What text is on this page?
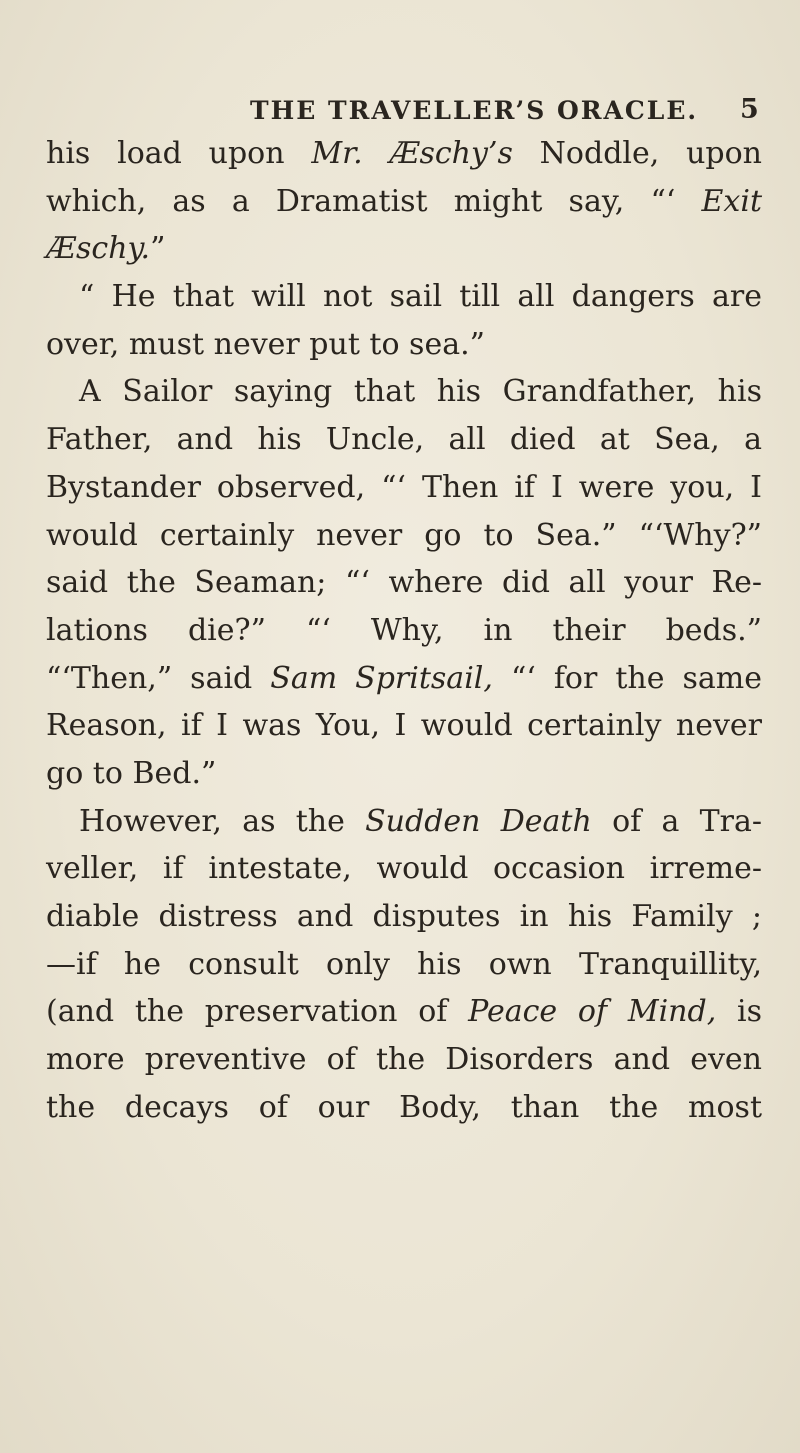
THE TRAVELLER’S ORACLE. 5
his load upon Mr. Æschy’s Noddle, upon
which, as a Dramatist might say, “‘ Exit
Æschy.”
“ He that will not sail till all dangers are
over, must never put to sea.”
A Sailor saying that his Grandfather, his
Father, and his Uncle, all died at Sea, a
Bystander observed, “‘ Then if I were you, I
would certainly never go to Sea.” “‘Why?”
said the Seaman; “‘ where did all your Re-
lations die?” “‘ Why, in their beds.”
“‘Then,” said Sam Spritsail, “‘ for the same
Reason, if I was You, I would certainly never
go to Bed.”
However, as the Sudden Death of a Tra-
veller, if intestate, would occasion irreme-
diable distress and disputes in his Family ;
—if he consult only his own Tranquillity,
(and the preservation of Peace of Mind, is
more preventive of the Disorders and even
the decays of our Body, than the most
